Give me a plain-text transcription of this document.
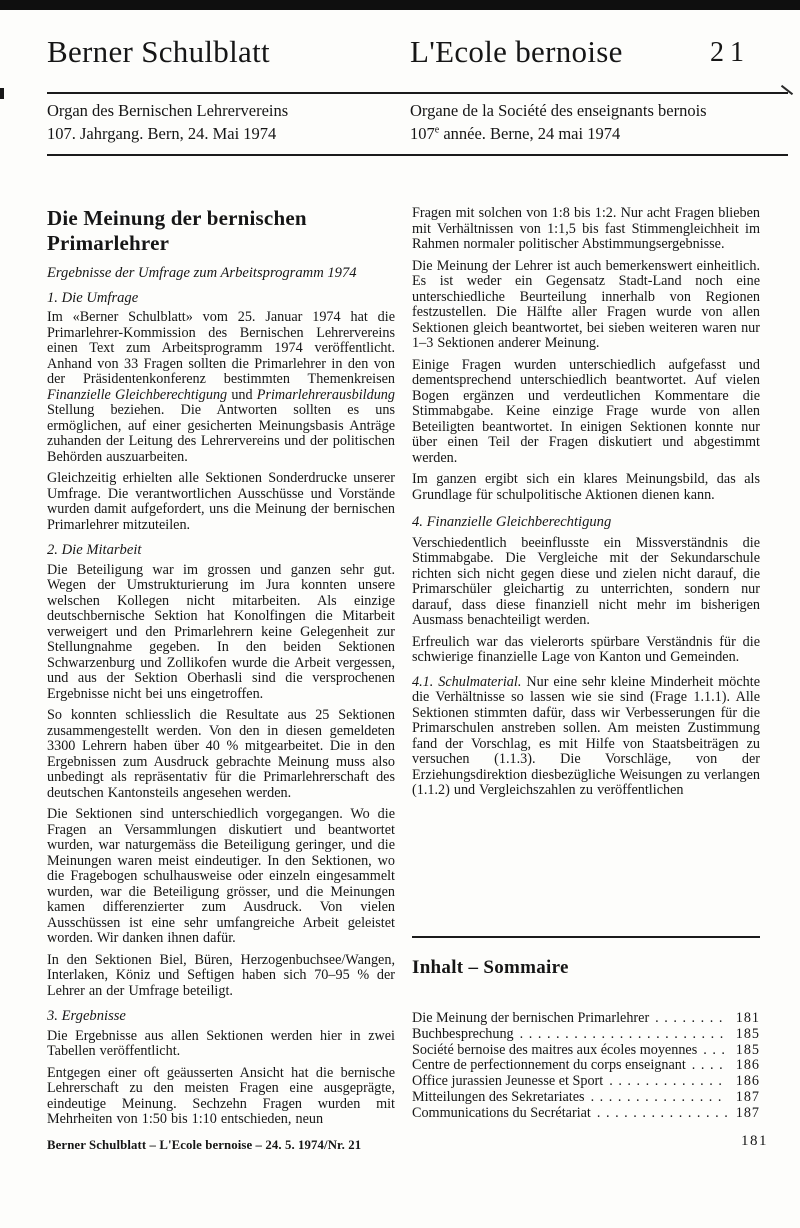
Berner Schulblatt	L'Ecole bernoise	21
Organ des Bernischen Lehrervereins
107. Jahrgang. Bern, 24. Mai 1974
Organe de la Société des enseignants bernois
107e année. Berne, 24 mai 1974
Die Meinung der bernischen Primarlehrer
Ergebnisse der Umfrage zum Arbeitsprogramm 1974
1. Die Umfrage

Im «Berner Schulblatt» vom 25. Januar 1974 hat die Primarlehrer-Kommission des Bernischen Lehrervereins einen Text zum Arbeitsprogramm 1974 veröffentlicht. Anhand von 33 Fragen sollten die Primarlehrer in den von der Präsidentenkonferenz bestimmten Themenkreisen Finanzielle Gleichberechtigung und Primarlehrerausbildung Stellung beziehen. Die Antworten sollten es uns ermöglichen, auf einer gesicherten Meinungsbasis Anträge zuhanden der Leitung des Lehrervereins und der politischen Behörden auszuarbeiten.

Gleichzeitig erhielten alle Sektionen Sonderdrucke unserer Umfrage. Die verantwortlichen Ausschüsse und Vorstände wurden damit aufgefordert, uns die Meinung der bernischen Primarlehrer mitzuteilen.

2. Die Mitarbeit

Die Beteiligung war im grossen und ganzen sehr gut. Wegen der Umstrukturierung im Jura konnten unsere welschen Kollegen nicht mitarbeiten. Als einzige deutschbernische Sektion hat Konolfingen die Mitarbeit verweigert und den Primarlehrern keine Gelegenheit zur Stellungnahme gegeben. In den beiden Sektionen Schwarzenburg und Zollikofen wurde die Arbeit vergessen, und aus der Sektion Oberhasli sind die versprochenen Ergebnisse nicht bei uns eingetroffen.

So konnten schliesslich die Resultate aus 25 Sektionen zusammengestellt werden. Von den in diesen gemeldeten 3300 Lehrern haben über 40 % mitgearbeitet. Die in den Ergebnissen zum Ausdruck gebrachte Meinung muss also unbedingt als repräsentativ für die Primarlehrerschaft des deutschen Kantonsteils angesehen werden.

Die Sektionen sind unterschiedlich vorgegangen. Wo die Fragen an Versammlungen diskutiert und beantwortet wurden, war naturgemäss die Beteiligung geringer, und die Meinungen waren meist eindeutiger. In den Sektionen, wo die Fragebogen schulhausweise oder einzeln eingesammelt wurden, war die Beteiligung grösser, und die Meinungen kamen differenzierter zum Ausdruck. Von vielen Ausschüssen ist eine sehr umfangreiche Arbeit geleistet worden. Wir danken ihnen dafür.

In den Sektionen Biel, Büren, Herzogenbuchsee/Wangen, Interlaken, Köniz und Seftigen haben sich 70–95 % der Lehrer an der Umfrage beteiligt.

3. Ergebnisse

Die Ergebnisse aus allen Sektionen werden hier in zwei Tabellen veröffentlicht.

Entgegen einer oft geäusserten Ansicht hat die bernische Lehrerschaft zu den meisten Fragen eine ausgeprägte, eindeutige Meinung. Sechzehn Fragen wurden mit Mehrheiten von 1:50 bis 1:10 entschieden, neun

Fragen mit solchen von 1:8 bis 1:2. Nur acht Fragen blieben mit Verhältnissen von 1:1,5 bis fast Stimmengleichheit im Rahmen normaler politischer Abstimmungsergebnisse.

Die Meinung der Lehrer ist auch bemerkenswert einheitlich. Es ist weder ein Gegensatz Stadt-Land noch eine unterschiedliche Beurteilung innerhalb von Regionen festzustellen. Die Hälfte aller Fragen wurde von allen Sektionen gleich beantwortet, bei sieben weiteren waren nur 1–3 Sektionen anderer Meinung.

Einige Fragen wurden unterschiedlich aufgefasst und dementsprechend unterschiedlich beantwortet. Auf vielen Bogen ergänzen und verdeutlichen Kommentare die Stimmabgabe. Keine einzige Frage wurde von allen Beteiligten beantwortet. In einigen Sektionen konnte nur über einen Teil der Fragen diskutiert und abgestimmt werden.

Im ganzen ergibt sich ein klares Meinungsbild, das als Grundlage für schulpolitische Aktionen dienen kann.

4. Finanzielle Gleichberechtigung

Verschiedentlich beeinflusste ein Missverständnis die Stimmabgabe. Die Vergleiche mit der Sekundarschule richten sich nicht gegen diese und zielen nicht darauf, die Primarschüler gleichartig zu unterrichten, sondern nur darauf, dass diese finanziell nicht mehr im bisherigen Ausmass benachteiligt werden.

Erfreulich war das vielerorts spürbare Verständnis für die schwierige finanzielle Lage von Kanton und Gemeinden.

4.1. Schulmaterial. Nur eine sehr kleine Minderheit möchte die Verhältnisse so lassen wie sie sind (Frage 1.1.1). Alle Sektionen stimmten dafür, dass wir Verbesserungen für die Primarschulen anstreben sollen. Am meisten Zustimmung fand der Vorschlag, es mit Hilfe von Staatsbeiträgen zu versuchen (1.1.3). Die Vorschläge, von der Erziehungsdirektion diesbezügliche Weisungen zu verlangen (1.1.2) und Vergleichszahlen zu veröffentlichen

Inhalt – Sommaire
Die Meinung der bernischen Primarlehrer . . .	181
Buchbesprechung . . .	185
Société bernoise des maitres aux écoles moyennes . . .	185
Centre de perfectionnement du corps enseignant . . .	186
Office jurassien Jeunesse et Sport . . .	186
Mitteilungen des Sekretariates . . .	187
Communications du Secrétariat . . .	187
Berner Schulblatt – L'Ecole bernoise – 24. 5. 1974/Nr. 21	181
